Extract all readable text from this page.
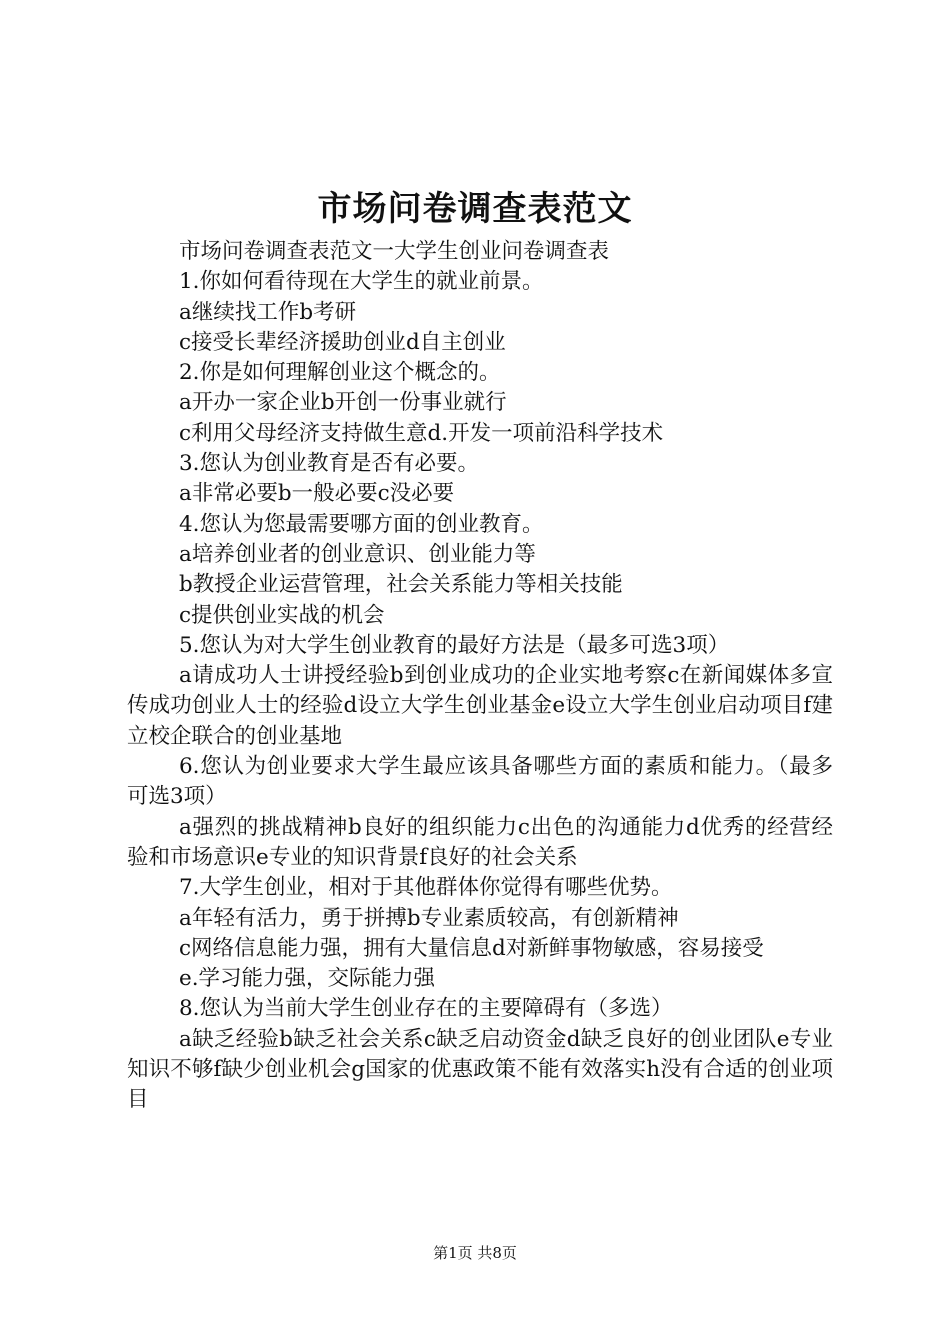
市场问卷调查表范文
市场问卷调查表范文一大学生创业问卷调查表
1.你如何看待现在大学生的就业前景。
a继续找工作b考研
c接受长辈经济援助创业d自主创业
2.你是如何理解创业这个概念的。
a开办一家企业b开创一份事业就行
c利用父母经济支持做生意d.开发一项前沿科学技术
3.您认为创业教育是否有必要。
a非常必要b一般必要c没必要
4.您认为您最需要哪方面的创业教育。
a培养创业者的创业意识、创业能力等
b教授企业运营管理，社会关系能力等相关技能
c提供创业实战的机会
5.您认为对大学生创业教育的最好方法是（最多可选3项）
a请成功人士讲授经验b到创业成功的企业实地考察c在新闻媒体多宣传成功创业人士的经验d设立大学生创业基金e设立大学生创业启动项目f建立校企联合的创业基地
6.您认为创业要求大学生最应该具备哪些方面的素质和能力。（最多可选3项）
a强烈的挑战精神b良好的组织能力c出色的沟通能力d优秀的经营经验和市场意识e专业的知识背景f良好的社会关系
7.大学生创业，相对于其他群体你觉得有哪些优势。
a年轻有活力，勇于拼搏b专业素质较高，有创新精神
c网络信息能力强，拥有大量信息d对新鲜事物敏感，容易接受
e.学习能力强，交际能力强
8.您认为当前大学生创业存在的主要障碍有（多选）
a缺乏经验b缺乏社会关系c缺乏启动资金d缺乏良好的创业团队e专业知识不够f缺少创业机会g国家的优惠政策不能有效落实h没有合适的创业项目
第1页 共8页
